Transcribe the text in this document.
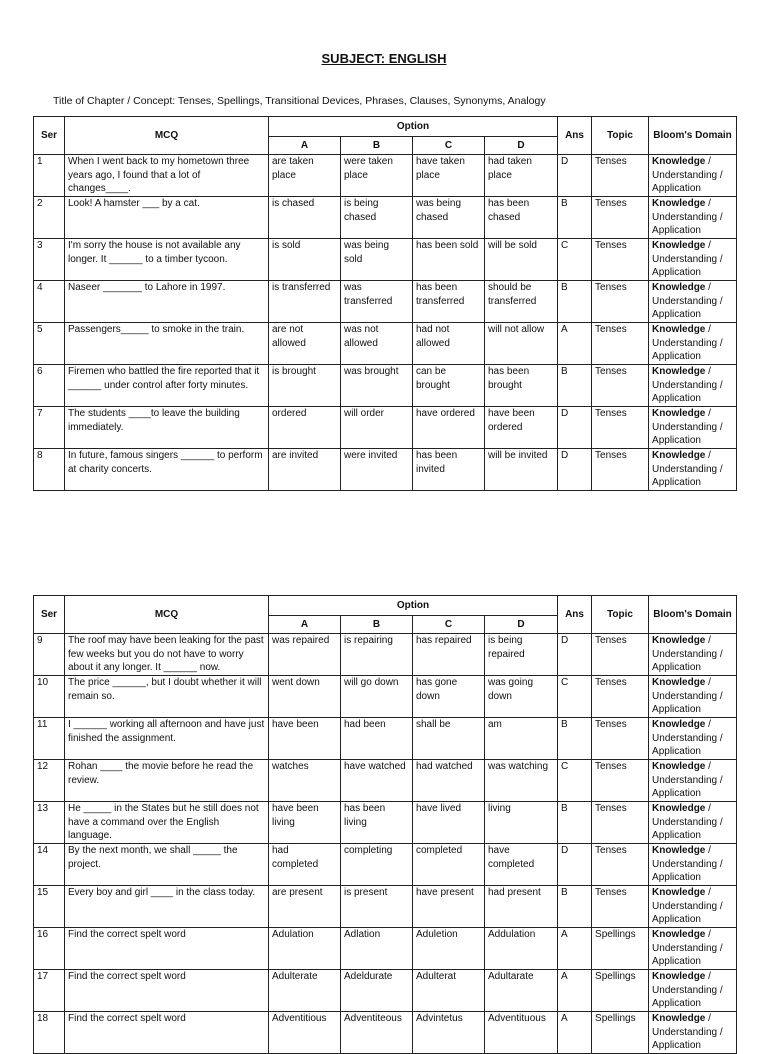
SUBJECT: ENGLISH
Title of Chapter / Concept: Tenses, Spellings, Transitional Devices, Phrases, Clauses, Synonyms, Analogy
Ser	MCQ	Option				Ans	Topic	Bloom's Domain
		A	B	C	D			
1	When I went back to my hometown three years ago, I found that a lot of changes____.	are taken place	were taken place	have taken place	had taken place	D	Tenses	Knowledge / Understanding / Application
2	Look! A hamster ___ by a cat.	is chased	is being chased	was being chased	has been chased	B	Tenses	Knowledge / Understanding / Application
3	I'm sorry the house is not available any longer. It ______ to a timber tycoon.	is sold	was being sold	has been sold	will be sold	C	Tenses	Knowledge / Understanding / Application
4	Naseer _______ to Lahore in 1997.	is transferred	was transferred	has been transferred	should be transferred	B	Tenses	Knowledge / Understanding / Application
5	Passengers_____ to smoke in the train.	are not allowed	was not allowed	had not allowed	will not allow	A	Tenses	Knowledge / Understanding / Application
6	Firemen who battled the fire reported that it ______ under control after forty minutes.	is brought	was brought	can be brought	has been brought	B	Tenses	Knowledge / Understanding / Application
7	The students ____to leave the building immediately.	ordered	will order	have ordered	have been ordered	D	Tenses	Knowledge / Understanding / Application
8	In future, famous singers ______ to perform at charity concerts.	are invited	were invited	has been invited	will be invited	D	Tenses	Knowledge / Understanding / Application
Ser	MCQ	Option				Ans	Topic	Bloom's Domain
		A	B	C	D			
9	The roof may have been leaking for the past few weeks but you do not have to worry about it any longer. It ______ now.	was repaired	is repairing	has repaired	is being repaired	D	Tenses	Knowledge / Understanding / Application
10	The price ______, but I doubt whether it will remain so.	went down	will go down	has gone down	was going down	C	Tenses	Knowledge / Understanding / Application
11	I ______ working all afternoon and have just finished the assignment.	have been	had been	shall be	am	B	Tenses	Knowledge / Understanding / Application
12	Rohan ____ the movie before he read the review.	watches	have watched	had watched	was watching	C	Tenses	Knowledge / Understanding / Application
13	He _____ in the States but he still does not have a command over the English language.	have been living	has been living	have lived	living	B	Tenses	Knowledge / Understanding / Application
14	By the next month, we shall _____ the project.	had completed	completing	completed	have completed	D	Tenses	Knowledge / Understanding / Application
15	Every boy and girl ____ in the class today.	are present	is present	have present	had present	B	Tenses	Knowledge / Understanding / Application
16	Find the correct spelt word	Adulation	Adlation	Aduletion	Addulation	A	Spellings	Knowledge / Understanding / Application
17	Find the correct spelt word	Adulterate	Adeldurate	Adulterat	Adultarate	A	Spellings	Knowledge / Understanding / Application
18	Find the correct spelt word	Adventitious	Adventiteous	Advintetus	Adventituous	A	Spellings	Knowledge / Understanding / Application
